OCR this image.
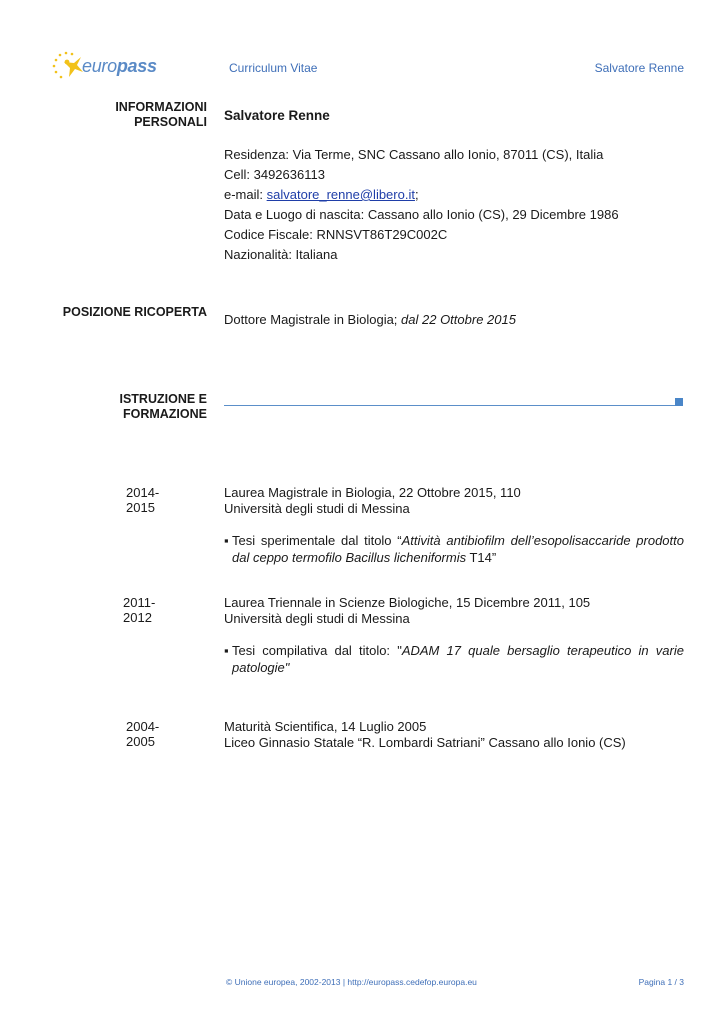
europass	Curriculum Vitae	Salvatore Renne
INFORMAZIONI
PERSONALI Salvatore Renne
Residenza: Via Terme, SNC Cassano allo Ionio, 87011 (CS), Italia
Cell: 3492636113
e-mail: salvatore_renne@libero.it;
Data e Luogo di nascita: Cassano allo Ionio (CS), 29 Dicembre 1986
Codice Fiscale: RNNSVT86T29C002C
Nazionalità: Italiana
POSIZIONE RICOPERTA Dottore Magistrale in Biologia; dal 22 Ottobre 2015
ISTRUZIONE E
FORMAZIONE
2014-2015
Laurea Magistrale in Biologia, 22 Ottobre 2015, 110
Università degli studi di Messina
▪ Tesi sperimentale dal titolo “Attività antibiofilm dell’esopolisaccaride prodotto dal ceppo termofilo Bacillus licheniformis T14”
2011-2012
Laurea Triennale in Scienze Biologiche, 15 Dicembre 2011, 105
Università degli studi di Messina
▪ Tesi compilativa dal titolo: "ADAM 17 quale bersaglio terapeutico in varie patologie"
2004-2005
Maturità Scientifica, 14 Luglio 2005
Liceo Ginnasio Statale “R. Lombardi Satriani” Cassano allo Ionio (CS)
© Unione europea, 2002-2013 | http://europass.cedefop.europa.eu	Pagina 1 / 3
